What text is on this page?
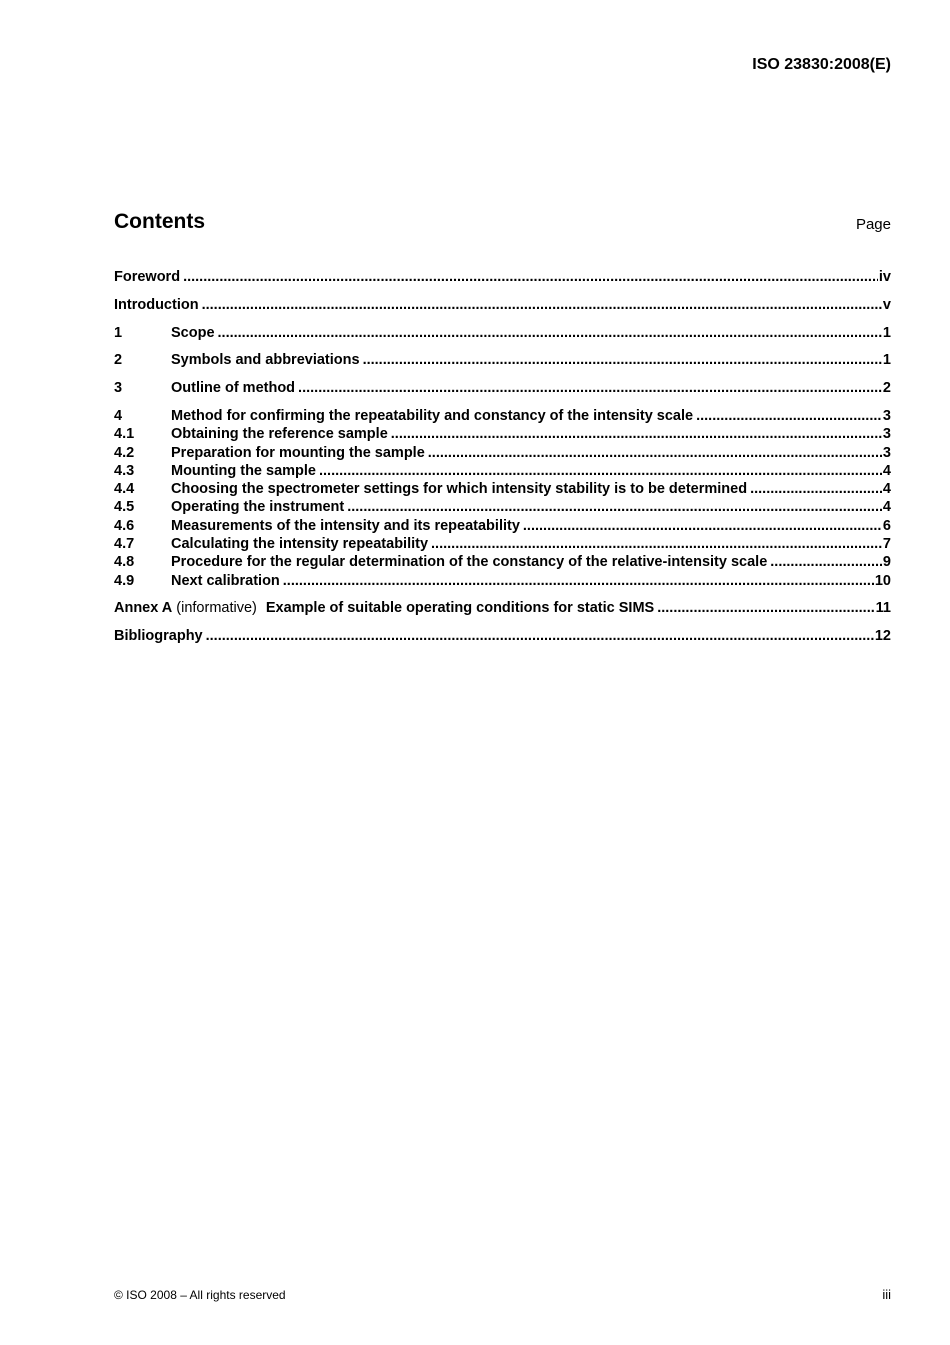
ISO 23830:2008(E)
Contents	Page
Foreword .....	iv
Introduction .....	v
1	Scope .....	1
2	Symbols and abbreviations .....	1
3	Outline of method .....	2
4	Method for confirming the repeatability and constancy of the intensity scale .....	3
4.1	Obtaining the reference sample .....	3
4.2	Preparation for mounting the sample .....	3
4.3	Mounting the sample .....	4
4.4	Choosing the spectrometer settings for which intensity stability is to be determined .....	4
4.5	Operating the instrument .....	4
4.6	Measurements of the intensity and its repeatability .....	6
4.7	Calculating the intensity repeatability .....	7
4.8	Procedure for the regular determination of the constancy of the relative-intensity scale .....	9
4.9	Next calibration .....	10
Annex A (informative) Example of suitable operating conditions for static SIMS .....	11
Bibliography .....	12
© ISO 2008 – All rights reserved	iii
